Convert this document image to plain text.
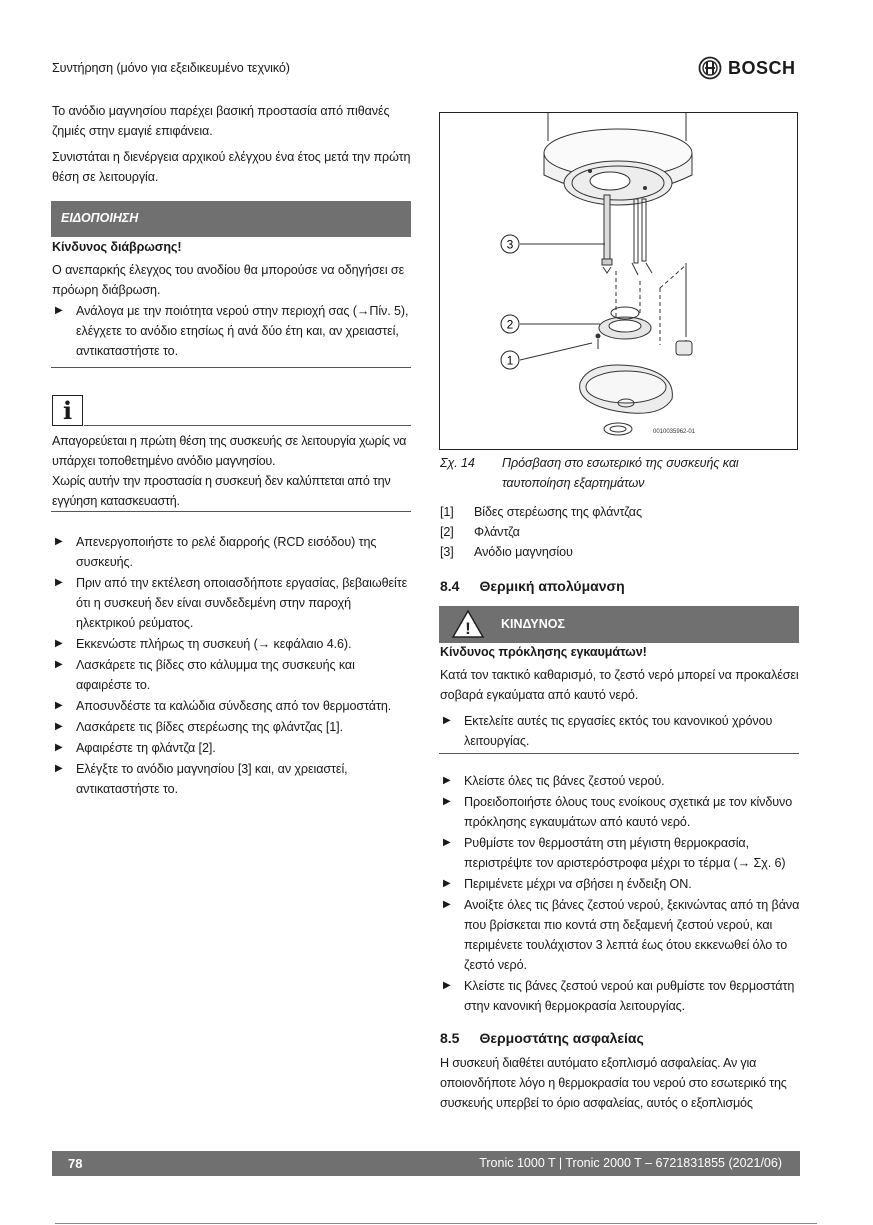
Συντήρηση (μόνο για εξειδικευμένο τεχνικό)	BOSCH

Το ανόδιο μαγνησίου παρέχει βασική προστασία από πιθανές ζημιές στην εμαγιέ επιφάνεια.

Συνιστάται η διενέργεια αρχικού ελέγχου ένα έτος μετά την πρώτη θέση σε λειτουργία.

ΕΙΔΟΠΟΙΗΣΗ

Κίνδυνος διάβρωσης!

Ο ανεπαρκής έλεγχος του ανοδίου θα μπορούσε να οδηγήσει σε πρόωρη διάβρωση.

▶ Ανάλογα με την ποιότητα νερού στην περιοχή σας (→Πίν. 5), ελέγχετε το ανόδιο ετησίως ή ανά δύο έτη και, αν χρειαστεί, αντικαταστήστε το.
i

Απαγορεύεται η πρώτη θέση της συσκευής σε λειτουργία χωρίς να υπάρχει τοποθετημένο ανόδιο μαγνησίου.

Χωρίς αυτήν την προστασία η συσκευή δεν καλύπτεται από την εγγύηση κατασκευαστή.

▶ Απενεργοποιήστε το ρελέ διαρροής (RCD εισόδου) της συσκευής.
▶ Πριν από την εκτέλεση οποιασδήποτε εργασίας, βεβαιωθείτε ότι η συσκευή δεν είναι συνδεδεμένη στην παροχή ηλεκτρικού ρεύματος.
▶ Εκκενώστε πλήρως τη συσκευή (→ κεφάλαιο 4.6).
▶ Λασκάρετε τις βίδες στο κάλυμμα της συσκευής και αφαιρέστε το.
▶ Αποσυνδέστε τα καλώδια σύνδεσης από τον θερμοστάτη.
▶ Λασκάρετε τις βίδες στερέωσης της φλάντζας [1].
▶ Αφαιρέστε τη φλάντζα [2].
▶ Ελέγξτε το ανόδιο μαγνησίου [3] και, αν χρειαστεί, αντικαταστήστε το.
3
2
1
0010035962-01
Σχ. 14 Πρόσβαση στο εσωτερικό της συσκευής και ταυτοποίηση εξαρτημάτων
[1]	Βίδες στερέωσης της φλάντζας
[2]	Φλάντζα
[3]	Ανόδιο μαγνησίου
8.4 Θερμική απολύμανση
! ΚΙΝΔΥΝΟΣ

Κίνδυνος πρόκλησης εγκαυμάτων!

Κατά τον τακτικό καθαρισμό, το ζεστό νερό μπορεί να προκαλέσει σοβαρά εγκαύματα από καυτό νερό.

▶ Εκτελείτε αυτές τις εργασίες εκτός του κανονικού χρόνου λειτουργίας.
▶ Κλείστε όλες τις βάνες ζεστού νερού.
▶ Προειδοποιήστε όλους τους ενοίκους σχετικά με τον κίνδυνο πρόκλησης εγκαυμάτων από καυτό νερό.
▶ Ρυθμίστε τον θερμοστάτη στη μέγιστη θερμοκρασία, περιστρέψτε τον αριστερόστροφα μέχρι το τέρμα (→ Σχ. 6)
▶ Περιμένετε μέχρι να σβήσει η ένδειξη ON.
▶ Ανοίξτε όλες τις βάνες ζεστού νερού, ξεκινώντας από τη βάνα που βρίσκεται πιο κοντά στη δεξαμενή ζεστού νερού, και περιμένετε τουλάχιστον 3 λεπτά έως ότου εκκενωθεί όλο το ζεστό νερό.
▶ Κλείστε τις βάνες ζεστού νερού και ρυθμίστε τον θερμοστάτη στην κανονική θερμοκρασία λειτουργίας.
8.5 Θερμοστάτης ασφαλείας

Η συσκευή διαθέτει αυτόματο εξοπλισμό ασφαλείας. Αν για οποιονδήποτε λόγο η θερμοκρασία του νερού στο εσωτερικό της συσκευής υπερβεί το όριο ασφαλείας, αυτός ο εξοπλισμός

78	Tronic 1000 T | Tronic 2000 T – 6721831855 (2021/06)
